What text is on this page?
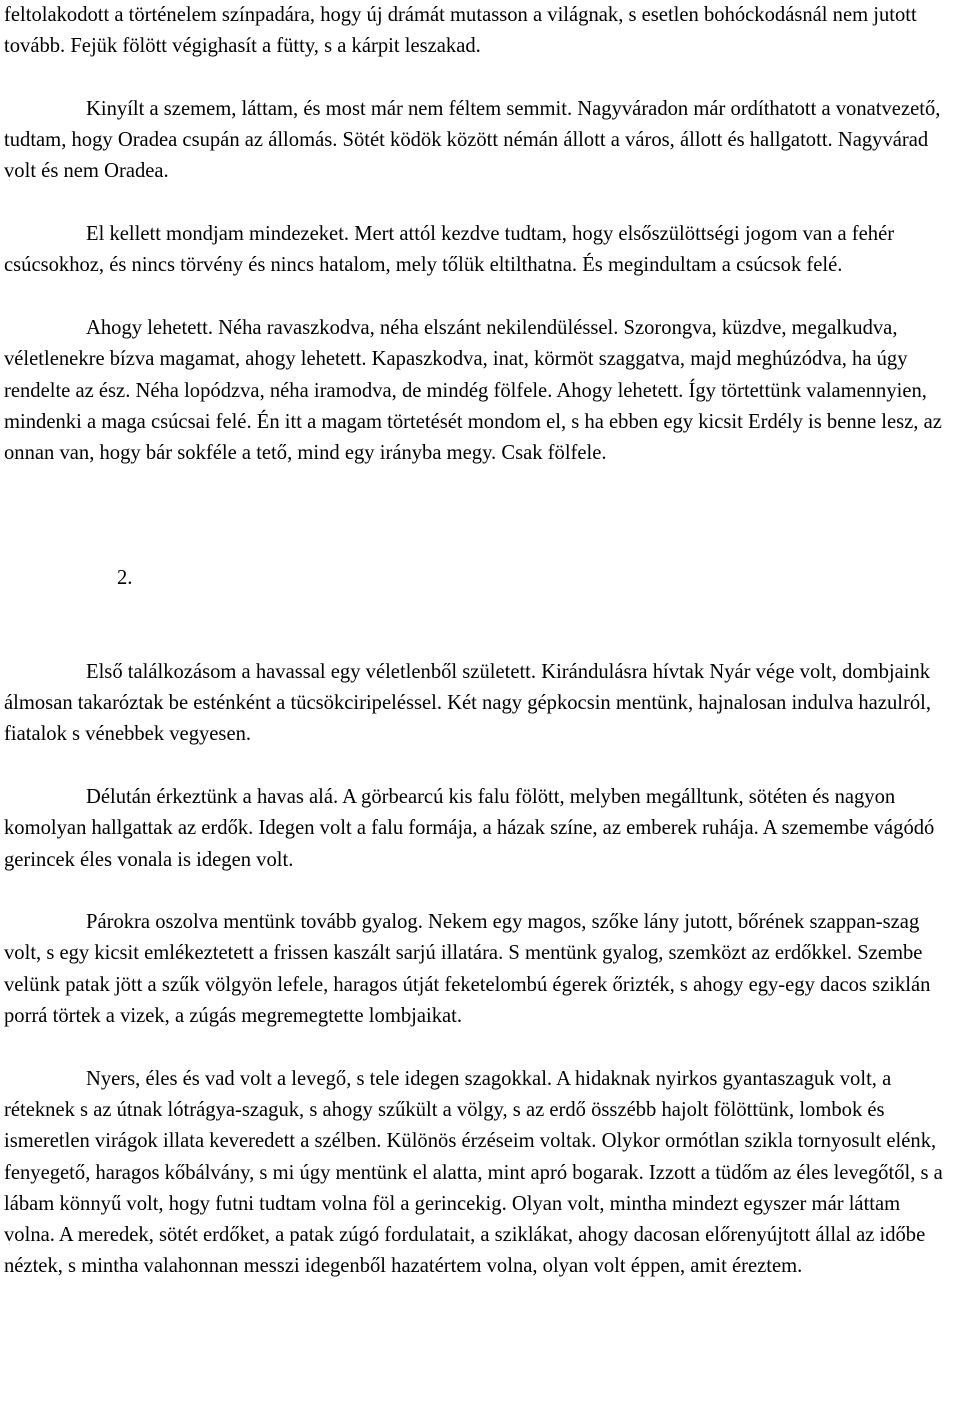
feltolakodott a történelem színpadára, hogy új drámát mutasson a világnak, s esetlen bohóckodásnál nem jutott tovább. Fejük fölött végighasít a fütty, s a kárpit leszakad.

Kinyílt a szemem, láttam, és most már nem féltem semmit. Nagyváradon már ordíthatott a vonatvezető, tudtam, hogy Oradea csupán az állomás. Sötét ködök között némán állott a város, állott és hallgatott. Nagyvárad volt és nem Oradea.

El kellett mondjam mindezeket. Mert attól kezdve tudtam, hogy elsőszülöttségi jogom van a fehér csúcsokhoz, és nincs törvény és nincs hatalom, mely tőlük eltilthatna. És megindultam a csúcsok felé.

Ahogy lehetett. Néha ravaszkodva, néha elszánt nekilendüléssel. Szorongva, küzdve, megalkudva, véletlenekre bízva magamat, ahogy lehetett. Kapaszkodva, inat, körmöt szaggatva, majd meghúzódva, ha úgy rendelte az ész. Néha lopódzva, néha iramodva, de mindég fölfele. Ahogy lehetett. Így törtettünk valamennyien, mindenki a maga csúcsai felé. Én itt a magam törtetését mondom el, s ha ebben egy kicsit Erdély is benne lesz, az onnan van, hogy bár sokféle a tető, mind egy irányba megy. Csak fölfele.

2.

Első találkozásom a havassal egy véletlenből született. Kirándulásra hívtak Nyár vége volt, dombjaink álmosan takaróztak be esténként a tücsökciripeléssel. Két nagy gépkocsin mentünk, hajnalosan indulva hazulról, fiatalok s vénebbek vegyesen.

Délután érkeztünk a havas alá. A görbearcú kis falu fölött, melyben megálltunk, sötéten és nagyon komolyan hallgattak az erdők. Idegen volt a falu formája, a házak színe, az emberek ruhája. A szemembe vágódó gerincek éles vonala is idegen volt.

Párokra oszolva mentünk tovább gyalog. Nekem egy magos, szőke lány jutott, bőrének szappan-szag volt, s egy kicsit emlékeztetett a frissen kaszált sarjú illatára. S mentünk gyalog, szemközt az erdőkkel. Szembe velünk patak jött a szűk völgyön lefele, haragos útját feketelombú égerek őrizték, s ahogy egy-egy dacos sziklán porrá törtek a vizek, a zúgás megremegtette lombjaikat.

Nyers, éles és vad volt a levegő, s tele idegen szagokkal. A hidaknak nyirkos gyantaszaguk volt, a réteknek s az útnak lótrágya-szaguk, s ahogy szűkült a völgy, s az erdő összébb hajolt fölöttünk, lombok és ismeretlen virágok illata keveredett a szélben. Különös érzéseim voltak. Olykor ormótlan szikla tornyosult elénk, fenyegető, haragos kőbálvány, s mi úgy mentünk el alatta, mint apró bogarak. Izzott a tüdőm az éles levegőtől, s a lábam könnyű volt, hogy futni tudtam volna föl a gerincekig. Olyan volt, mintha mindezt egyszer már láttam volna. A meredek, sötét erdőket, a patak zúgó fordulatait, a sziklákat, ahogy dacosan előrenyújtott állal az időbe néztek, s mintha valahonnan messzi idegenből hazatértem volna, olyan volt éppen, amit éreztem.
